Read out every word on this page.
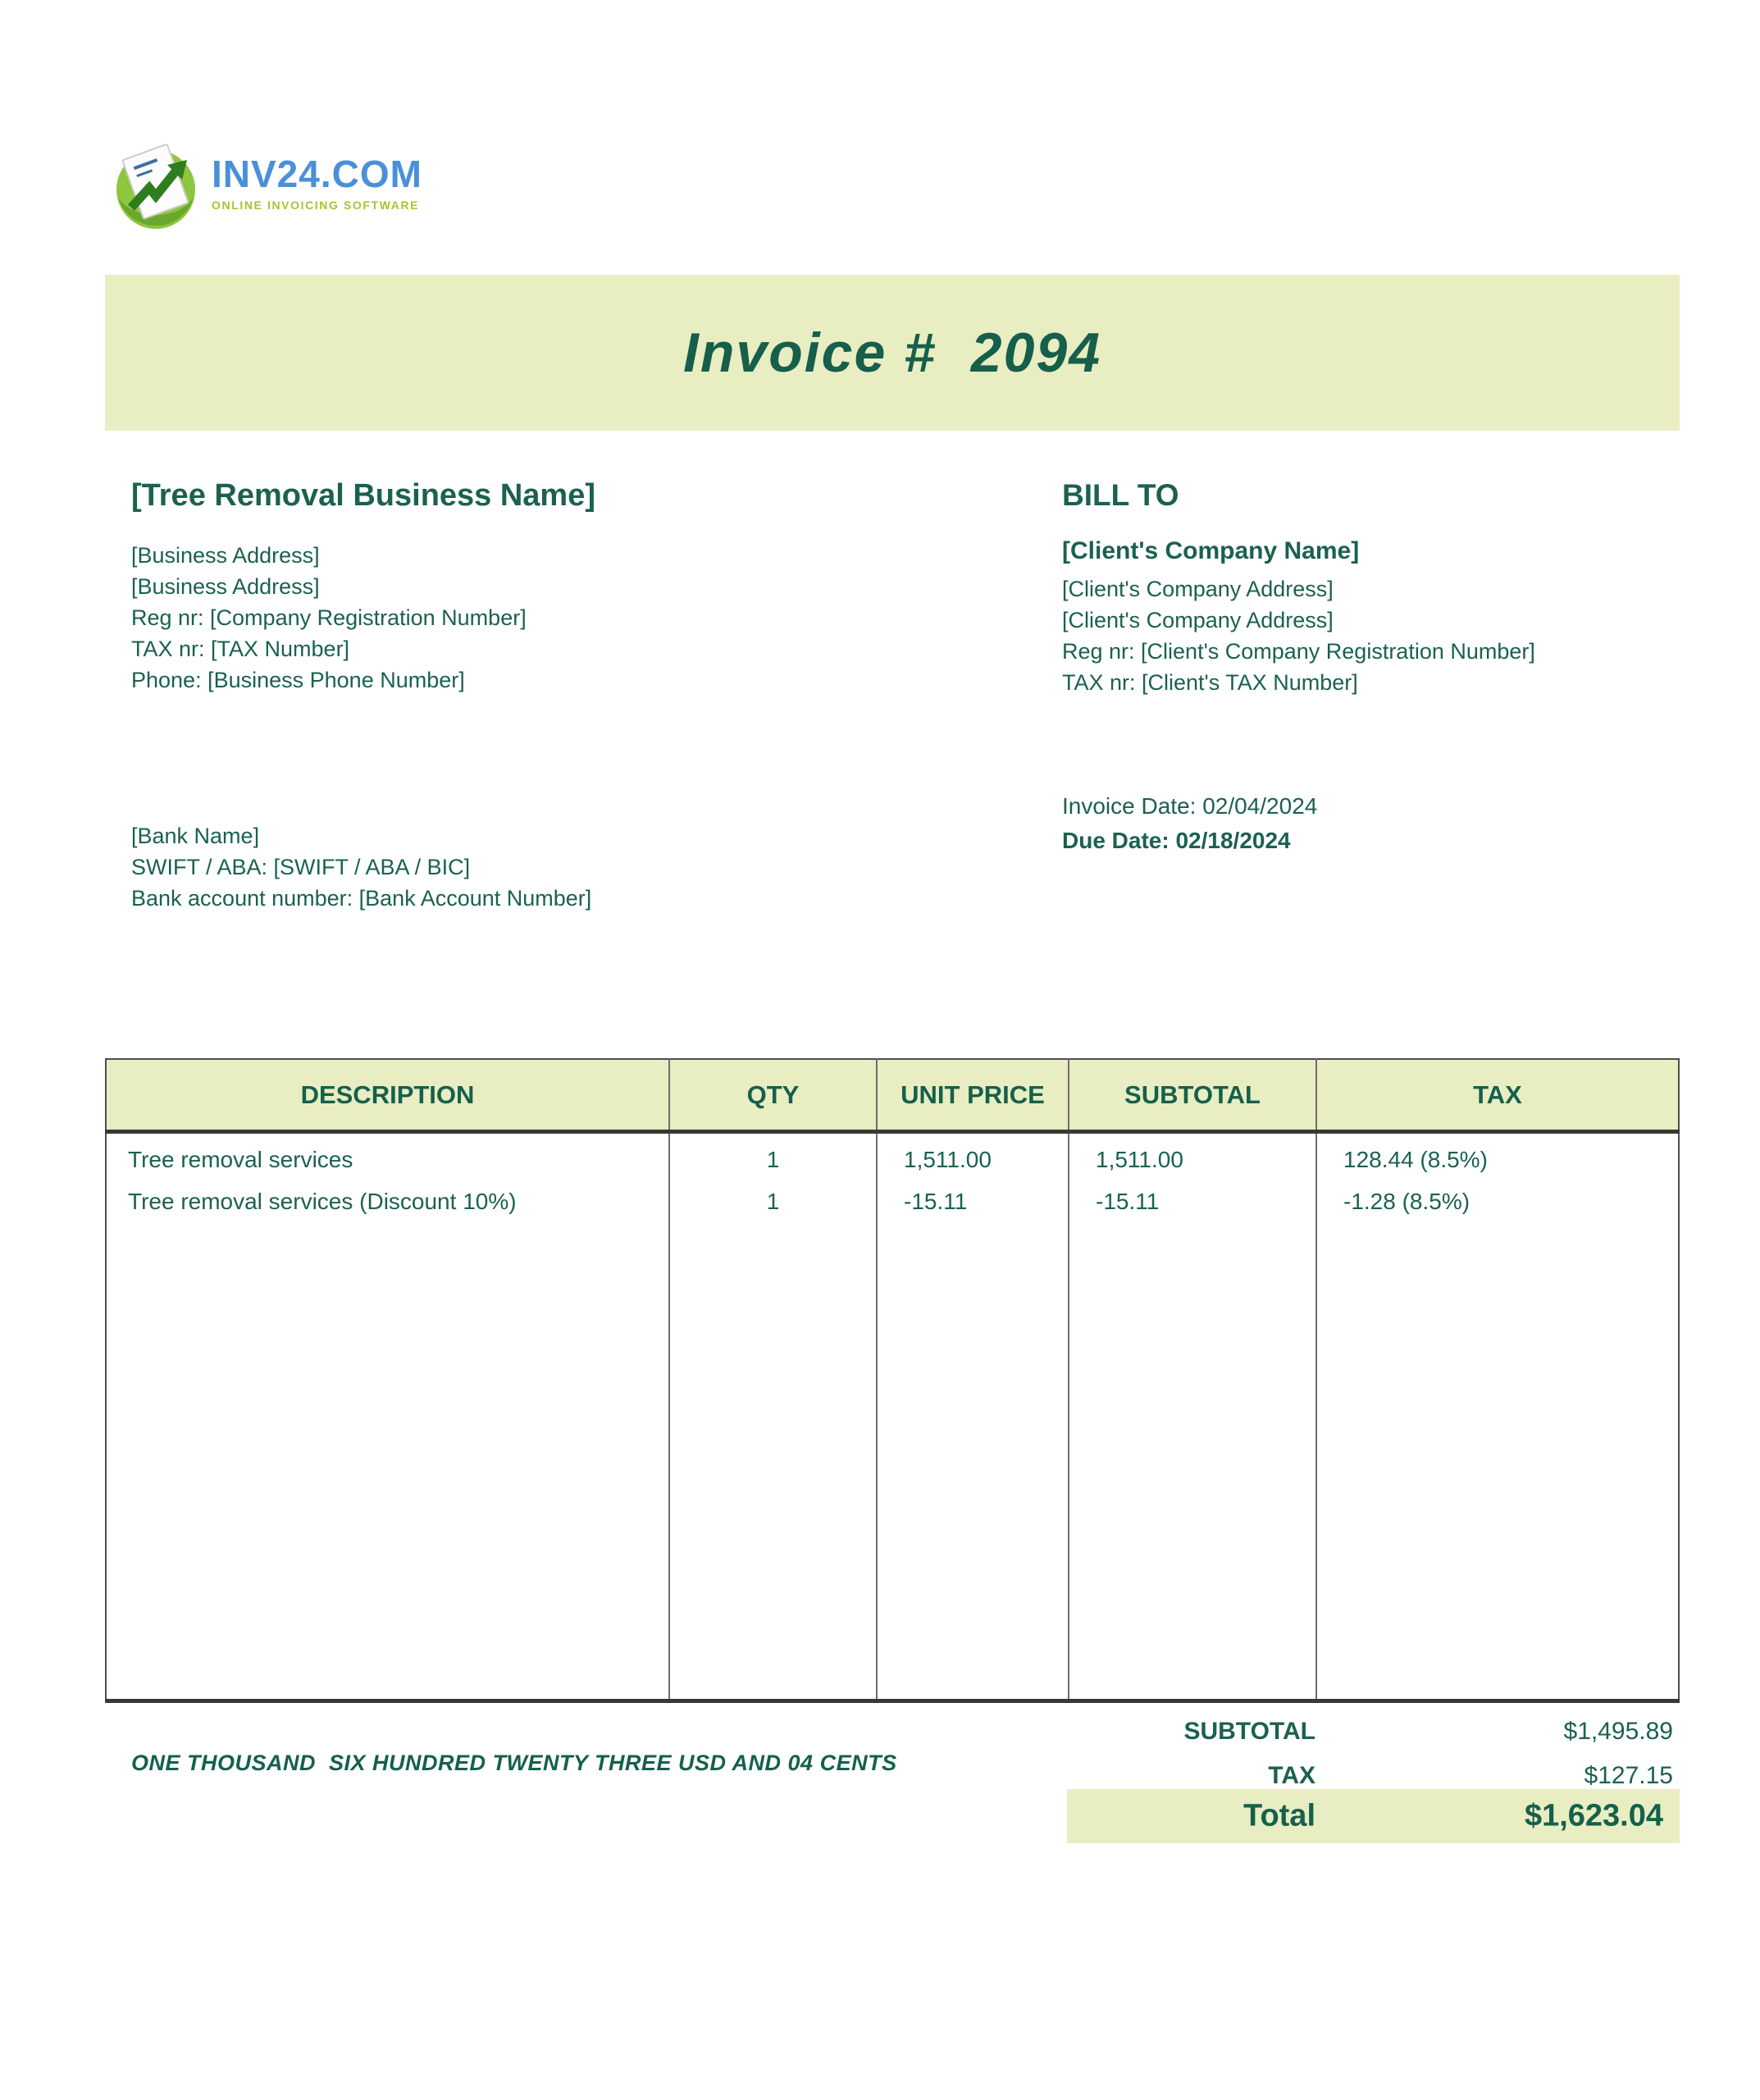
INV24.COM
ONLINE INVOICING SOFTWARE
Invoice #  2094
[Tree Removal Business Name]
[Business Address]
[Business Address]
Reg nr: [Company Registration Number]
TAX nr: [TAX Number]
Phone: [Business Phone Number]
BILL TO
[Client's Company Name]
[Client's Company Address]
[Client's Company Address]
Reg nr: [Client's Company Registration Number]
TAX nr: [Client's TAX Number]
Invoice Date: 02/04/2024
Due Date: 02/18/2024
[Bank Name]
SWIFT / ABA: [SWIFT / ABA / BIC]
Bank account number: [Bank Account Number]
DESCRIPTION	QTY	UNIT PRICE	SUBTOTAL	TAX
Tree removal services	1	1,511.00	1,511.00	128.44 (8.5%)
Tree removal services (Discount 10%)	1	-15.11	-15.11	-1.28 (8.5%)

SUBTOTAL	$1,495.89
TAX	$127.15
Total	$1,623.04
ONE THOUSAND  SIX HUNDRED TWENTY THREE USD AND 04 CENTS
